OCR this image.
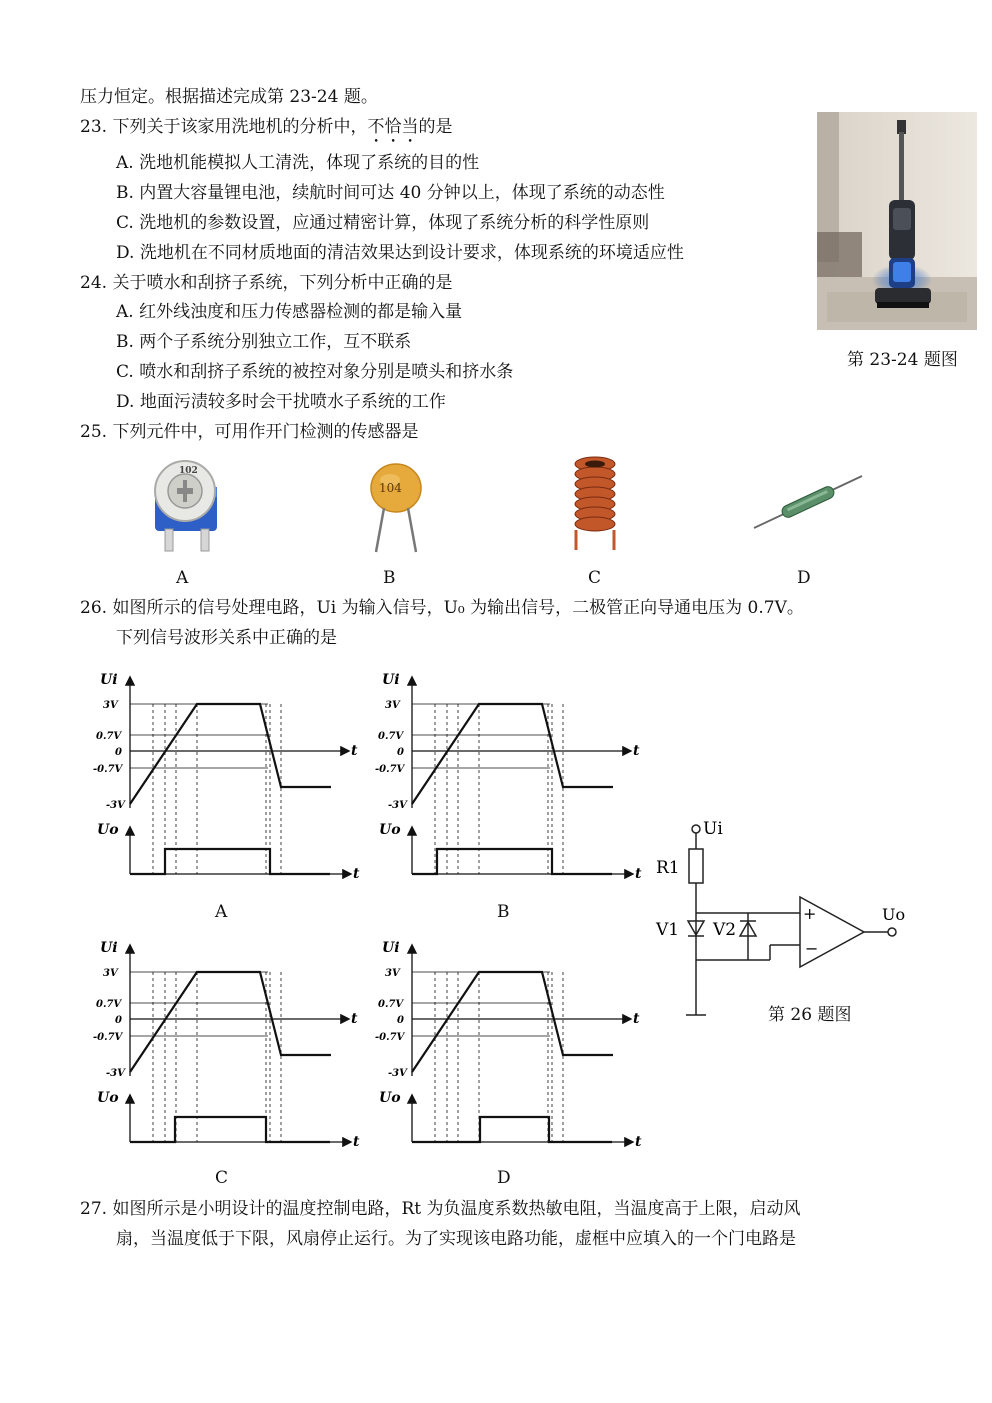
压力恒定。根据描述完成第 23-24 题。
23. 下列关于该家用洗地机的分析中，不恰当的是
A. 洗地机能模拟人工清洗，体现了系统的目的性
B. 内置大容量锂电池，续航时间可达 40 分钟以上，体现了系统的动态性
C. 洗地机的参数设置，应通过精密计算，体现了系统分析的科学性原则
D. 洗地机在不同材质地面的清洁效果达到设计要求，体现系统的环境适应性
24. 关于喷水和刮挤子系统，下列分析中正确的是
A. 红外线浊度和压力传感器检测的都是输入量
B. 两个子系统分别独立工作，互不联系
C. 喷水和刮挤子系统的被控对象分别是喷头和挤水条
D. 地面污渍较多时会干扰喷水子系统的工作
第 23-24 题图
25. 下列元件中，可用作开门检测的传感器是
102
104
A	B	C	D
26. 如图所示的信号处理电路，Ui 为输入信号，U₀ 为输出信号，二极管正向导通电压为 0.7V。
下列信号波形关系中正确的是
Ui
Uo
t
t
3V
0.7V
0
-0.7V
-3V
Ui
Uo
t
t
3V
0.7V
0
-0.7V
-3V
Ui
Uo
t
t
3V
0.7V
0
-0.7V
-3V
Ui
Uo
t
t
3V
0.7V
0
-0.7V
-3V
A	B
C	D
Ui
R1
V1 V2
+
−
Uo
第 26 题图
27. 如图所示是小明设计的温度控制电路，Rt 为负温度系数热敏电阻，当温度高于上限，启动风
扇，当温度低于下限，风扇停止运行。为了实现该电路功能，虚框中应填入的一个门电路是
